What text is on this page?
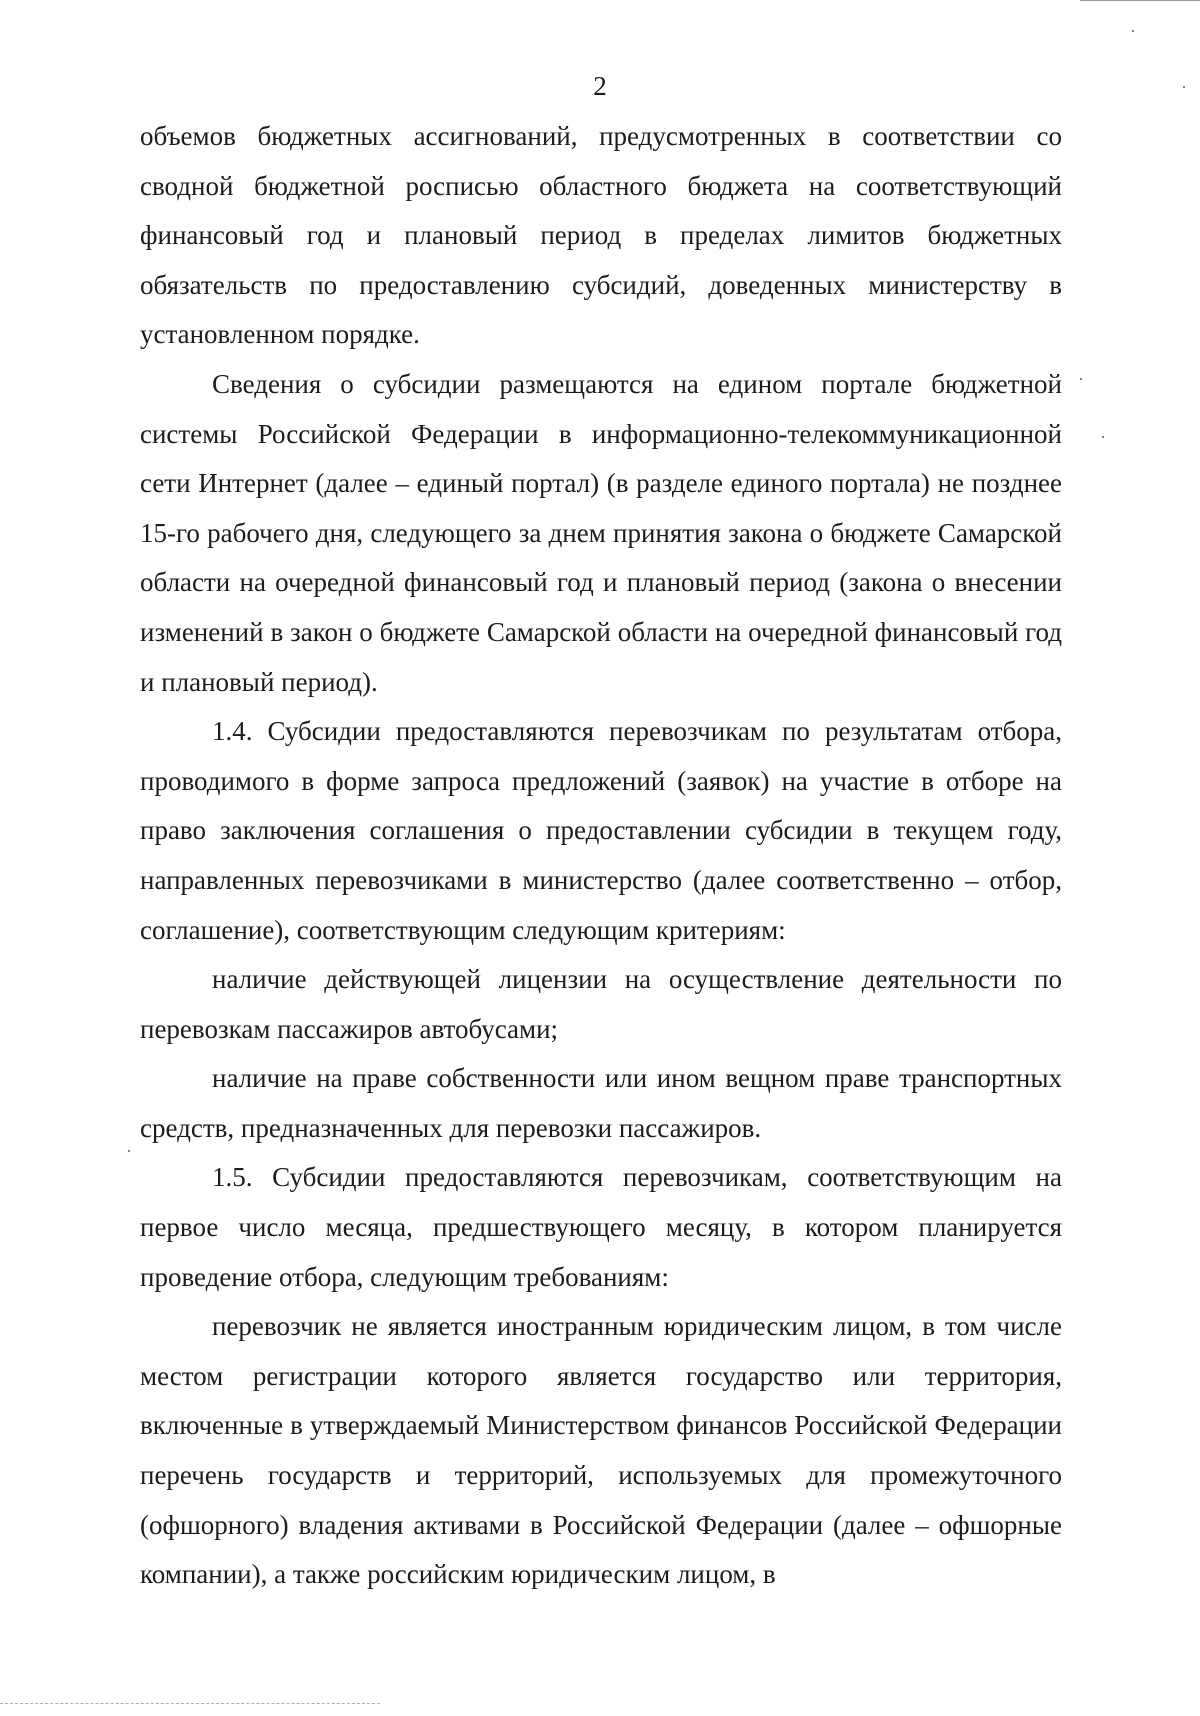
2

объемов бюджетных ассигнований, предусмотренных в соответствии со сводной бюджетной росписью областного бюджета на соответствующий финансовый год и плановый период в пределах лимитов бюджетных обязательств по предоставлению субсидий, доведенных министерству в установленном порядке.

Сведения о субсидии размещаются на едином портале бюджетной системы Российской Федерации в информационно-телекоммуникационной сети Интернет (далее – единый портал) (в разделе единого портала) не позднее 15-го рабочего дня, следующего за днем принятия закона о бюджете Самарской области на очередной финансовый год и плановый период (закона о внесении изменений в закон о бюджете Самарской области на очередной финансовый год и плановый период).

1.4. Субсидии предоставляются перевозчикам по результатам отбора, проводимого в форме запроса предложений (заявок) на участие в отборе на право заключения соглашения о предоставлении субсидии в текущем году, направленных перевозчиками в министерство (далее соответственно – отбор, соглашение), соответствующим следующим критериям:

наличие действующей лицензии на осуществление деятельности по перевозкам пассажиров автобусами;

наличие на праве собственности или ином вещном праве транспортных средств, предназначенных для перевозки пассажиров.

1.5. Субсидии предоставляются перевозчикам, соответствующим на первое число месяца, предшествующего месяцу, в котором планируется проведение отбора, следующим требованиям:

перевозчик не является иностранным юридическим лицом, в том числе местом регистрации которого является государство или территория, включенные в утверждаемый Министерством финансов Российской Федерации перечень государств и территорий, используемых для промежуточного (офшорного) владения активами в Российской Федерации (далее – офшорные компании), а также российским юридическим лицом, в
